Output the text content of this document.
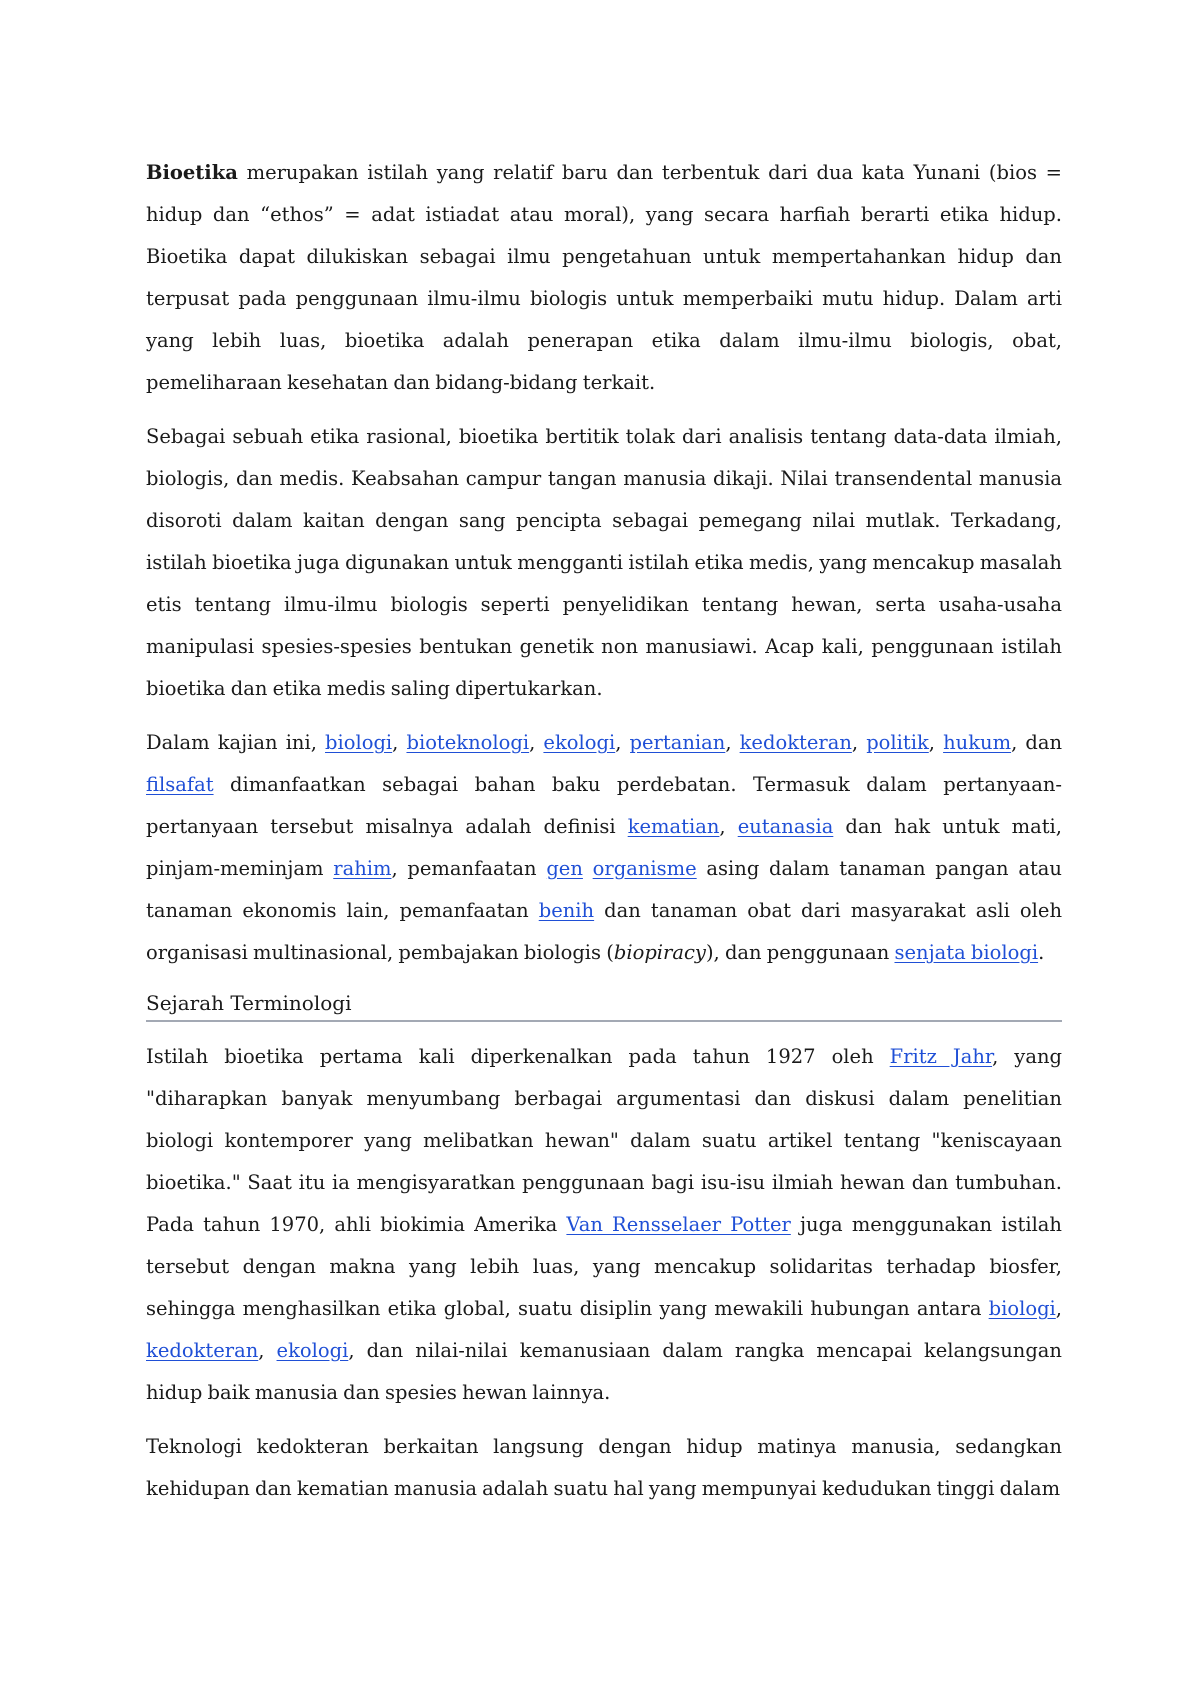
Bioetika merupakan istilah yang relatif baru dan terbentuk dari dua kata Yunani (bios = hidup dan “ethos” = adat istiadat atau moral), yang secara harfiah berarti etika hidup. Bioetika dapat dilukiskan sebagai ilmu pengetahuan untuk mempertahankan hidup dan terpusat pada penggunaan ilmu-ilmu biologis untuk memperbaiki mutu hidup. Dalam arti yang lebih luas, bioetika adalah penerapan etika dalam ilmu-ilmu biologis, obat, pemeliharaan kesehatan dan bidang-bidang terkait.

Sebagai sebuah etika rasional, bioetika bertitik tolak dari analisis tentang data-data ilmiah, biologis, dan medis. Keabsahan campur tangan manusia dikaji. Nilai transendental manusia disoroti dalam kaitan dengan sang pencipta sebagai pemegang nilai mutlak. Terkadang, istilah bioetika juga digunakan untuk mengganti istilah etika medis, yang mencakup masalah etis tentang ilmu-ilmu biologis seperti penyelidikan tentang hewan, serta usaha-usaha manipulasi spesies-spesies bentukan genetik non manusiawi. Acap kali, penggunaan istilah bioetika dan etika medis saling dipertukarkan.

Dalam kajian ini, biologi, bioteknologi, ekologi, pertanian, kedokteran, politik, hukum, dan filsafat dimanfaatkan sebagai bahan baku perdebatan. Termasuk dalam pertanyaan-pertanyaan tersebut misalnya adalah definisi kematian, eutanasia dan hak untuk mati, pinjam-meminjam rahim, pemanfaatan gen organisme asing dalam tanaman pangan atau tanaman ekonomis lain, pemanfaatan benih dan tanaman obat dari masyarakat asli oleh organisasi multinasional, pembajakan biologis (biopiracy), dan penggunaan senjata biologi.

Sejarah Terminologi

Istilah bioetika pertama kali diperkenalkan pada tahun 1927 oleh Fritz Jahr, yang "diharapkan banyak menyumbang berbagai argumentasi dan diskusi dalam penelitian biologi kontemporer yang melibatkan hewan" dalam suatu artikel tentang "keniscayaan bioetika." Saat itu ia mengisyaratkan penggunaan bagi isu-isu ilmiah hewan dan tumbuhan. Pada tahun 1970, ahli biokimia Amerika Van Rensselaer Potter juga menggunakan istilah tersebut dengan makna yang lebih luas, yang mencakup solidaritas terhadap biosfer, sehingga menghasilkan etika global, suatu disiplin yang mewakili hubungan antara biologi, kedokteran, ekologi, dan nilai-nilai kemanusiaan dalam rangka mencapai kelangsungan hidup baik manusia dan spesies hewan lainnya.

Teknologi kedokteran berkaitan langsung dengan hidup matinya manusia, sedangkan kehidupan dan kematian manusia adalah suatu hal yang mempunyai kedudukan tinggi dalam
